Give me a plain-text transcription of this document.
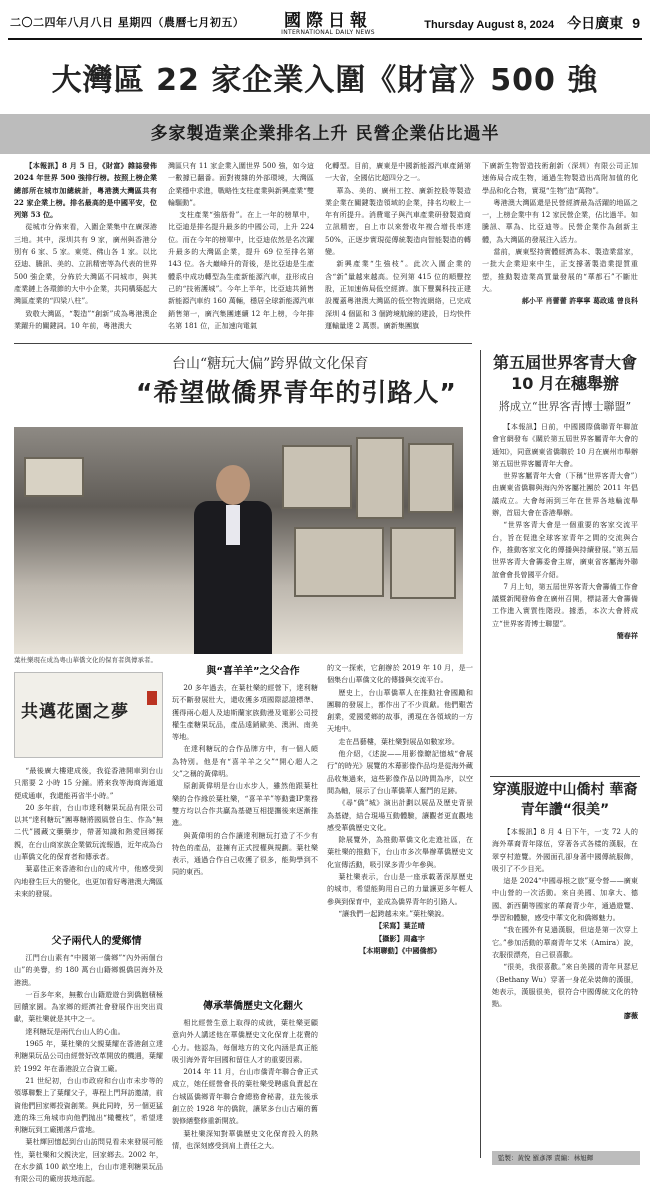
二〇二四年八月八日 星期四（農曆七月初五）	國際日報
INTERNATIONAL DAILY NEWS
Thursday August 8, 2024 今日廣東 9
大灣區 22 家企業入圍《財富》500 強
多家製造業企業排名上升 民營企業佔比過半

【本報訊】8 月 5 日，《財富》雜誌發佈 2024 年世界 500 強排行榜。按照上榜企業總部所在城市加總統計，粵港澳大灣區共有 22 家企業上榜。排名最高的是中國平安，位列第 53 位。

從城市分佈來看，入圍企業集中在廣深港三地。其中，深圳共有 9 家，廣州與香港分別有 6 家、5 家。東莞、佛山各 1 家。以比亞迪、騰訊、美的、立訊精密等為代表的世界 500 強企業，分佈於大灣區不同城市，與其產業鏈上各環節的大中小企業，共同構築起大灣區產業的“四梁八柱”。

致敬大灣區，“製造”“創新”成為粵港澳企業躍升的關鍵詞。10 年前，粵港澳大

灣區只有 11 家企業入圍世界 500 強，如今這一數據已翻番。面對複雜的外部環境，大灣區企業穩中求進，戰略性支柱產業與新興產業“雙輪驅動”。

支柱產業“強筋骨”。在上一年的榜單中，比亞迪是排名提升最多的中國公司，上升 224 位。而在今年的榜單中，比亞迪依然是名次躍升最多的大灣區企業，提升 69 位至排名第 143 位。各大巔峰升的背後，是比亞迪是生產體系中成功轉型為生產新能源汽車，並形成自己的“技術護城”。今年上半年，比亞迪共銷售新能源汽車約 160 萬輛，穩居全球新能源汽車銷售第一，廣汽集團連續 12 年上榜，今年排名第 181 位，正加速向電氣

化轉型。目前，廣東是中國新能源汽車產銷第一大省，全國佔比超四分之一。

華為、美的、廣州工控、廣新控股等製造業企業在關鍵製造領域的企業，排名均較上一年有所提升。消費電子與汽車產業研發製造商立訊精密，自上市以來營收年複合增長率達 50%，正逐步實現從傳統製造向智能製造的轉變。

新興產業“生強枝”。此次入圍企業的含“新”量越來越高。位列第 415 位的順豐控股，正加速佈局低空經濟。旗下豐翼科技正建設覆蓋粵港澳大灣區的低空物流網絡，已完成深圳 4 個區和 3 個跨境航線的建設，日均快件運輸量達 2 萬票。廣新集團旗

下廣新生物智造技術創新（深圳）有限公司正加速佈局合成生物，通過生物製造出高附加值的化學品和化合物，實現“生物”造“萬物”。

粵港澳大灣區還是民營經濟最為活躍的地區之一，上榜企業中有 12 家民營企業，佔比過半。如騰訊、華為、比亞迪等。民營企業作為創新主體，為大灣區的發展注入活力。

當前，廣東堅持實體經濟為本、製造業當家，一批大企業迎來中生，正支撐著製造業提質重塑，推動製造業高質量發展的“華都石”不斷壯大。

郝小平 肖蕾蕾 許寧寧 葛政遠 曾良科

台山“糖玩大偏”跨界做文化保育
“希望做僑界青年的引路人”
葉杜樂現在成為粵山華僑文化的保育者與傳承者。
共邁花園之夢

“最後廣大樓建成後，我從香港開車到台山只需要 2 小時 15 分鐘。將來我等海商海通道便成通車，我還能再省半小時。”

20 多年前，台山市達利糖果玩品有限公司以其“達利糖玩”團專糖將國風營自生、作為“無二代”國藏文藥藥步，帶著知識和熱愛回鄉探親，在台山商家族企業做玩流報過，近年成為台山華僑文化的保育者和傳承者。

葉嘉佳正來香港和台山的成片中，他感受到內地發生巨大的變化，也更加看好粵港澳大灣區未來的發展。

父子兩代人的愛鄉情

江門台山素有“中國第一僑鄉”“內外兩個台山”的美譽，約 180 萬台山籍鄉親僑居海外及港澳。

一百多年來，無數台山籍遊遊台到僑胞積極回饋家園。為家鄉的經濟社會發展作出突出貢獻，葉杜樂就是其中之一。

達利糖玩是兩代台山人的心血。

1965 年，葉杜樂的父親葉耀在香港創立達利糖果玩品公司由經營好改革開放的機遇，葉耀於 1992 年在番港設立合資工廠。

21 世紀初，台山市政府和台山市未步等的領導聯繫上了葉耀父子，專程上門拜訪邀請，前資他們回家鄉投資創業。與此同時，另一個更猛進的珠三角城市向他們抛出“橄欖枝”，希望達利糖玩到工廠搬落戶當地。

葉杜輝回憶起到台山訪問見看未來發展可能性，葉杜樂和父親決定，回家鄉去。2002 年，在水步鎮 100 畝空地上，台山市達利糖果玩品有限公司的廠房拔地而起。

與“喜羊羊”之父合作

20 多年過去，在葉杜樂的經營下，達利糖玩不斷發展壯大，還收獲多項國際認證標準、獲得兩心超人及迪斯蘭家族動漫及電影公司授權生產糖果玩品，產品遠銷歐美、澳洲、南美等地。

在達利糖玩的合作品牌方中，有一個人頗為特別。他是有“喜羊羊之父”“開心超人之父”之稱的黃偉明。

原創黃偉明是台山水步人，雖然他跟葉杜樂的合作緣於葉杜樂，“喜羊羊”等動畫IP業務雙方均以合作共贏為基礎互相提攜後來逐漸推進。

與黃偉明的合作讓達利糖玩打造了不少有特色的產品，並擁有正式授權與規劃。葉杜樂表示，通過合作自己收獲了很多，能夠學到不同的東西。

傳承華僑歷史文化翻火

相比經營生意上取得的成就，葉杜樂更顧意向外人講述他在華僑歷史文化保育上花費的心力。他認為，每個地方的文化內涵是真正能吸引海外青年回國和留住人才的重要因素。

2014 年 11 月，台山市僑青年聯合會正式成立，她任經營會長的葉杜樂受聘處負責起在台城區僑鄉青年聯合會總務會秘書，並先後承創立於 1928 年的僑院，讓眾多台山古廟的舊貌修繕整修重新開放。

葉杜樂深知對華僑歷史文化保育投入的熱情，也深刻感受到肩上責任之大。

的文一探索，它創辦於 2019 年 10 月，是一個集台山華僑文化的傳播與交流平台。

歷史上，台山華僑華人在推動社會國勵和團聯的發展上，都作出了不少貢獻。他們艱苦創業，愛國愛鄉的故事，湧現在各領域的一方天地中。

走在昌藝樓，葉杜樂對展品如數家珍。

他介紹，《述說——用影像瞭記憶城“會展行”的時光》展覽的木幕影像作品均是從海外藏品收集過來，這些影像作品以時間為序，以空間為軸，展示了台山華僑華人奮鬥的足跡。

《尋“僑”城》演出計劃以展品及歷史背景為基礎，結合現場互動體驗，讓觀者更直觀地感受華僑歷史文化。

除展覽外，為推動華僑文化走進社區，在葉杜樂的推動下，台山市多次舉辦華僑歷史文化宣傳活動，吸引眾多青少年參與。

葉杜樂表示，台山是一座承載著深厚歷史的城市，希望能夠用自己的力量讓更多年輕人參與到保育中，並成為僑界青年的引路人。

“讓我們一起跨越未來。”葉杜樂說。

【采寫】葉芷晴

【攝影】周鑫宇

【本期聯動】《中國僑都》

第五屆世界客青大會 10 月在穗舉辦
將成立“世界客青博士聯盟”

【本報訊】日前，中國國際僑聯青年聯誼會官網發布《關於第五屆世界客屬青年大會的通知》，同意廣東省僑聯於 10 月在廣州市舉辦第五屆世界客屬青年大會。

世界客屬青年大會（下稱“世界客青大會”）由廣東省僑聯與海內外客屬社團於 2011 年倡議成立。大會每兩到三年在世界各地輪流舉辦，首屆大會在香港舉辦。

“世界客青大會是一個重要的客家交流平台，旨在促進全球客家青年之間的交流與合作，推動客家文化的傳播與持續發展。”第五屆世界客青大會籌委會主席，廣東省客屬海外聯誼會會長曾國平介紹。

7 月上旬，第五屆世界客青大會籌備工作會議暨新聞發佈會在廣州召開，標誌著大會籌備工作進入實質性階段。據悉，本次大會將成立“世界客青博士聯盟”。

簡春祥

穿漢服遊中山僑村 華裔青年讚“很美”

【本報訊】8 月 4 日下午，一支 72 人的海外華裔青年隊伍，穿著各式各樣的漢服，在翠亨村遊覽。外國面孔卻身著中國傳統服飾，吸引了不少目光。

這是 2024“中國尋根之旅”夏令營——廣東中山營的一次活動。來自美國、加拿大、德國、新西蘭等國家的華裔青少年，通過遊覽、學習和體驗，感受中華文化和僑鄉魅力。

“我在國外有見過漢服，但這是第一次穿上它。”參加活動的華裔青年艾米（Amira）說，衣服很漂亮，自己很喜歡。

“很美，我很喜歡。”來自美國的青年貝瑟尼（Bethany Wu）穿著一身花朵裝飾的漢服，她表示，漢服很美，很符合中國傳統文化的特點。

廖薇

監製：黃悅 羅彥澤 責編：林旭輝
